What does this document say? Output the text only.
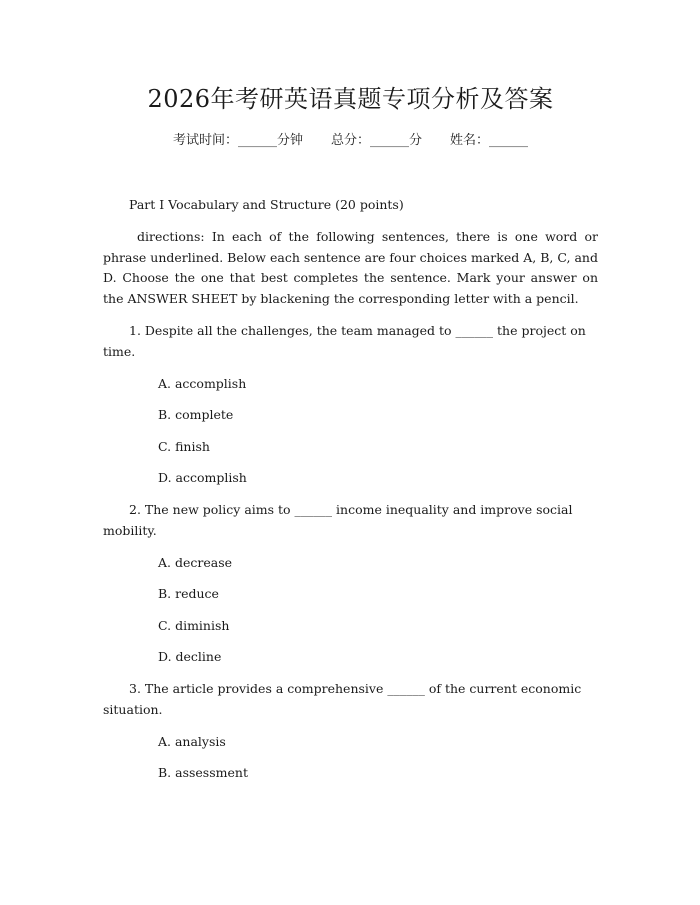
2026年考研英语真题专项分析及答案
考试时间：______分钟 总分：______分 姓名：______
Part I Vocabulary and Structure (20 points)
directions: In each of the following sentences, there is one word or phrase underlined. Below each sentence are four choices marked A, B, C, and D. Choose the one that best completes the sentence. Mark your answer on the ANSWER SHEET by blackening the corresponding letter with a pencil.
1. Despite all the challenges, the team managed to ______ the project on time.
A. accomplish
B. complete
C. finish
D. accomplish
2. The new policy aims to ______ income inequality and improve social mobility.
A. decrease
B. reduce
C. diminish
D. decline
3. The article provides a comprehensive ______ of the current economic situation.
A. analysis
B. assessment
